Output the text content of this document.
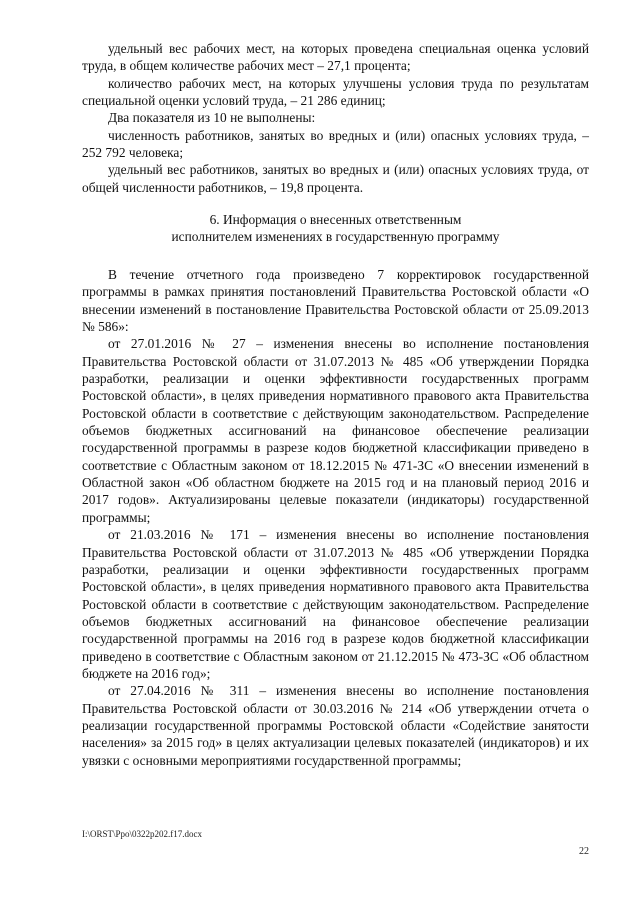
удельный вес рабочих мест, на которых проведена специальная оценка условий труда, в общем количестве рабочих мест – 27,1 процента;

количество рабочих мест, на которых улучшены условия труда по результатам специальной оценки условий труда, – 21 286 единиц;

Два показателя из 10 не выполнены:

численность работников, занятых во вредных и (или) опасных условиях труда, – 252 792 человека;

удельный вес работников, занятых во вредных и (или) опасных условиях труда, от общей численности работников, – 19,8 процента.

6. Информация о внесенных ответственным
исполнителем изменениях в государственную программу

В течение отчетного года произведено 7 корректировок государственной программы в рамках принятия постановлений Правительства Ростовской области «О внесении изменений в постановление Правительства Ростовской области от 25.09.2013 № 586»:

от 27.01.2016 № 27 – изменения внесены во исполнение постановления Правительства Ростовской области от 31.07.2013 № 485 «Об утверждении Порядка разработки, реализации и оценки эффективности государственных программ Ростовской области», в целях приведения нормативного правового акта Правительства Ростовской области в соответствие с действующим законодательством. Распределение объемов бюджетных ассигнований на финансовое обеспечение реализации государственной программы в разрезе кодов бюджетной классификации приведено в соответствие с Областным законом от 18.12.2015 № 471-ЗС «О внесении изменений в Областной закон «Об областном бюджете на 2015 год и на плановый период 2016 и 2017 годов». Актуализированы целевые показатели (индикаторы) государственной программы;

от 21.03.2016 № 171 – изменения внесены во исполнение постановления Правительства Ростовской области от 31.07.2013 № 485 «Об утверждении Порядка разработки, реализации и оценки эффективности государственных программ Ростовской области», в целях приведения нормативного правового акта Правительства Ростовской области в соответствие с действующим законодательством. Распределение объемов бюджетных ассигнований на финансовое обеспечение реализации государственной программы на 2016 год в разрезе кодов бюджетной классификации приведено в соответствие с Областным законом от 21.12.2015 № 473-ЗС «Об областном бюджете на 2016 год»;

от 27.04.2016 № 311 – изменения внесены во исполнение постановления Правительства Ростовской области от 30.03.2016 № 214 «Об утверждении отчета о реализации государственной программы Ростовской области «Содействие занятости населения» за 2015 год» в целях актуализации целевых показателей (индикаторов) и их увязки с основными мероприятиями государственной программы;

I:\ORST\Ppo\0322p202.f17.docx
22
